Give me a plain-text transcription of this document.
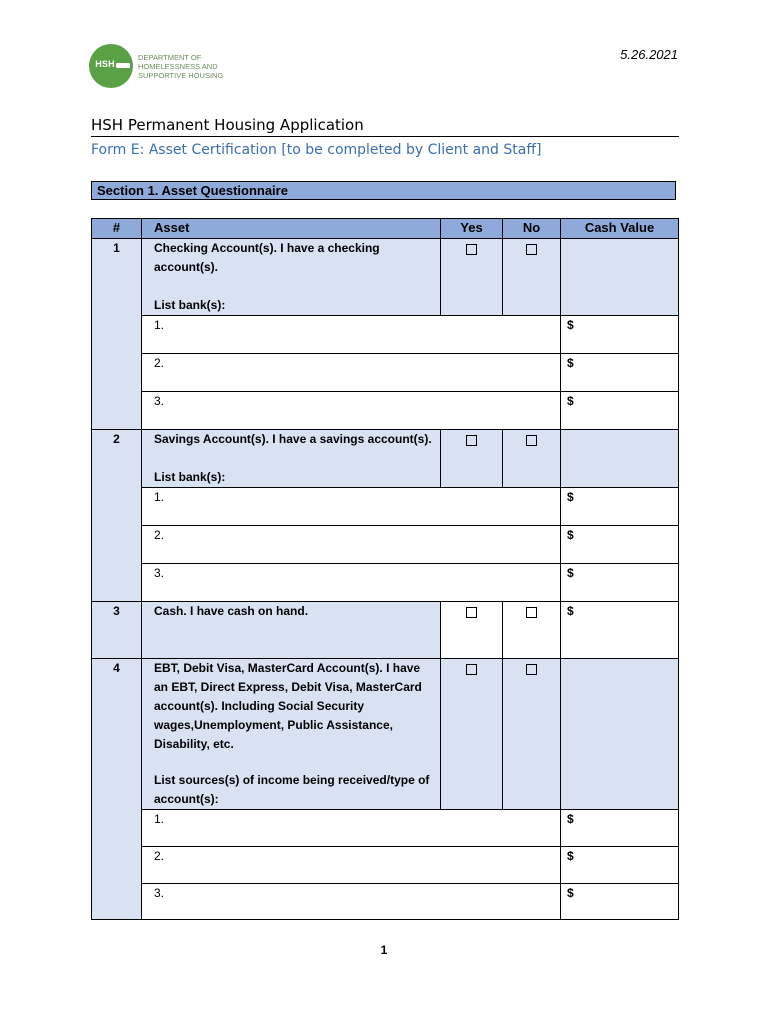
HSH
DEPARTMENT OF HOMELESSNESS AND SUPPORTIVE HOUSING
5.26.2021
HSH Permanent Housing Application
Form E: Asset Certification [to be completed by Client and Staff]
Section 1. Asset Questionnaire
#	Asset	Yes	No	Cash Value
1	Checking Account(s). I have a checking account(s).
List bank(s):			

	1.			$
	2.			$
	3.			$
2	Savings Account(s). I have a savings account(s).
List bank(s):			

	1.			$
	2.			$
	3.			$
3	Cash. I have cash on hand.			$
4	EBT, Debit Visa, MasterCard Account(s). I have an EBT, Direct Express, Debit Visa, MasterCard account(s). Including Social Security wages,Unemployment, Public Assistance, Disability, etc.
List sources(s) of income being received/type of account(s):			

	1.			$
	2.			$
	3.			$
1
